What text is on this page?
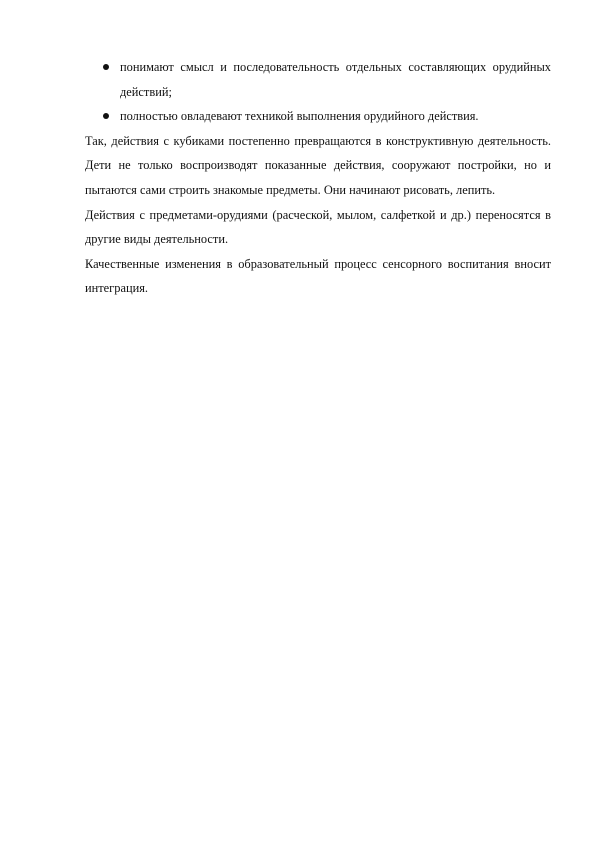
понимают смысл и последовательность отдельных составляющих орудийных действий;
полностью овладевают техникой выполнения орудийного действия.

Так, действия с кубиками постепенно превращаются в конструктивную деятельность. Дети не только воспроизводят показанные действия, сооружают постройки, но и пытаются сами строить знакомые предметы. Они начинают рисовать, лепить.

Действия с предметами-орудиями (расческой, мылом, салфеткой и др.) переносятся в другие виды деятельности.

Качественные изменения в образовательный процесс сенсорного воспитания вносит интеграция.
